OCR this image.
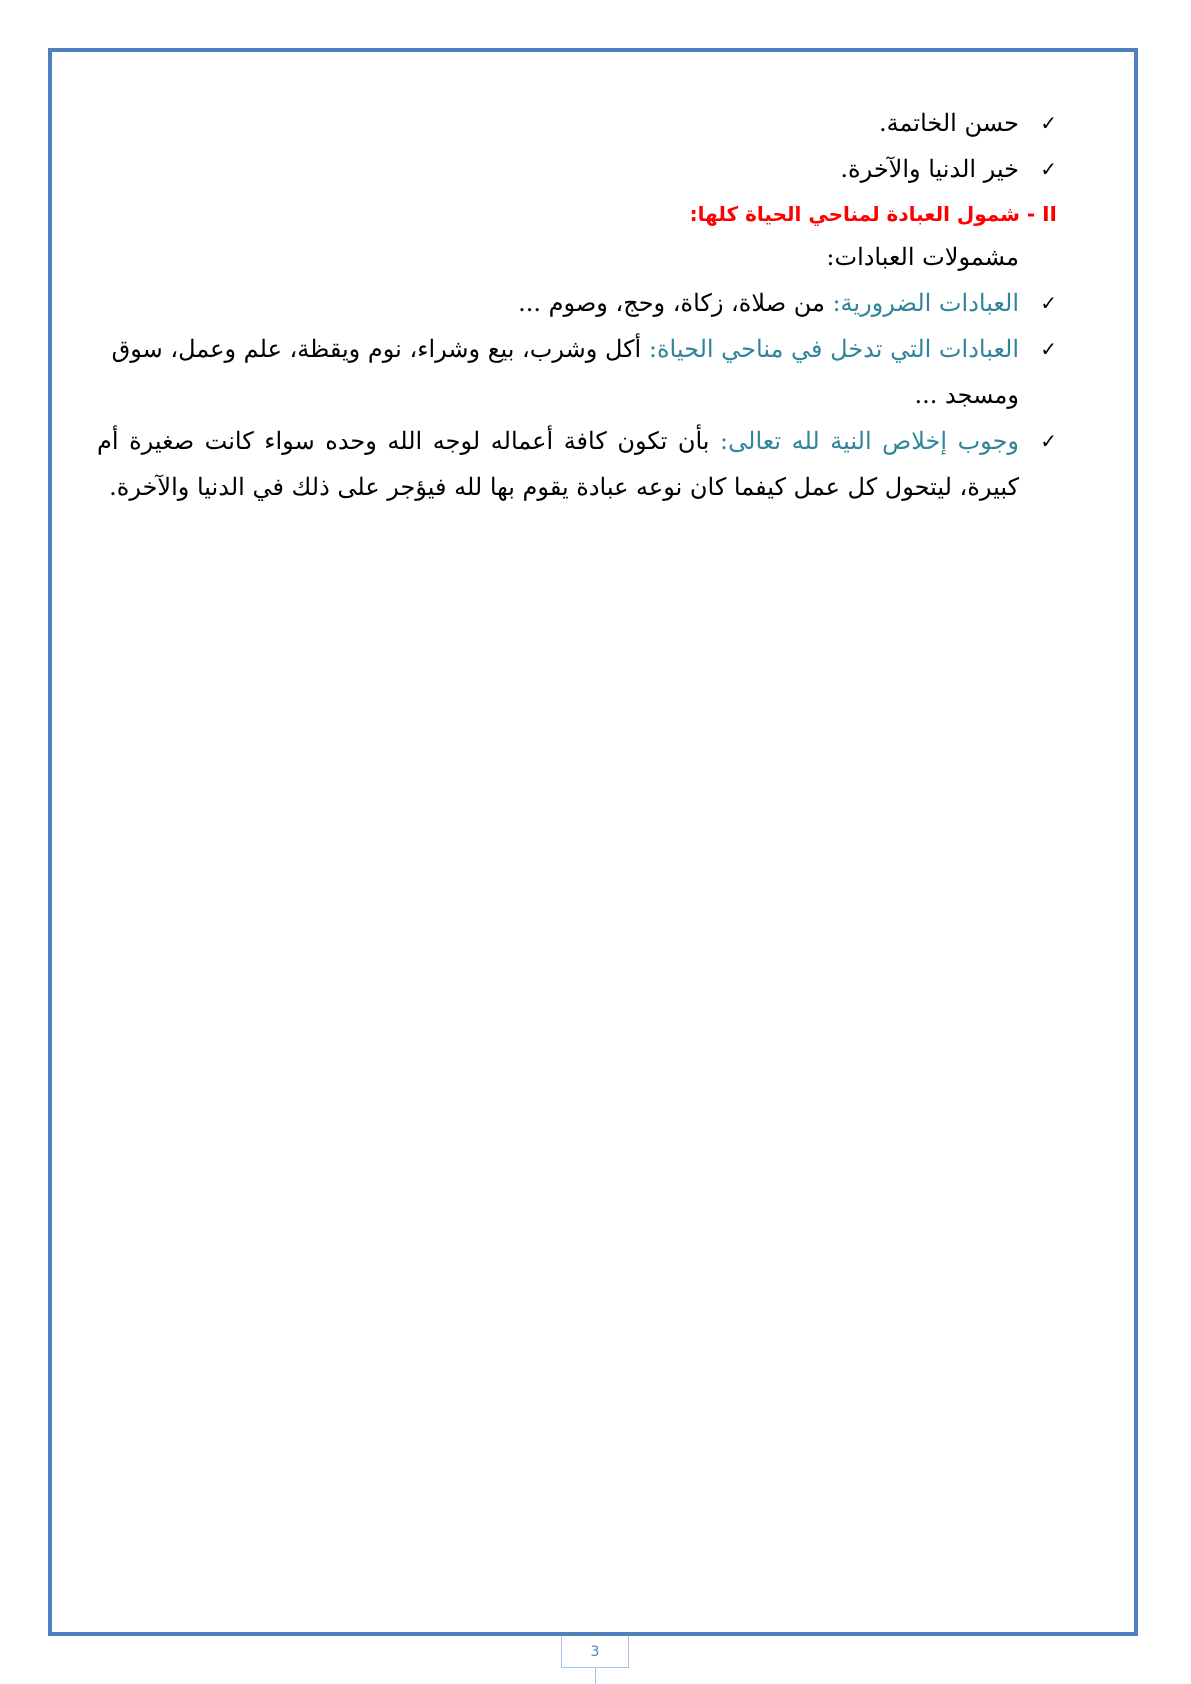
✓
حسن الخاتمة.

✓
خير الدنيا والآخرة.

II - شمول العبادة لمناحي الحياة كلها:

مشمولات العبادات:

✓
العبادات الضرورية: من صلاة، زكاة، وحج، وصوم ...

✓
العبادات التي تدخل في مناحي الحياة: أكل وشرب، بيع وشراء، نوم ويقظة، علم وعمل، سوق ومسجد ...

✓
وجوب إخلاص النية لله تعالى: بأن تكون كافة أعماله لوجه الله وحده سواء كانت صغيرة أم كبيرة، ليتحول كل عمل كيفما كان نوعه عبادة يقوم بها لله فيؤجر على ذلك في الدنيا والآخرة.

3
